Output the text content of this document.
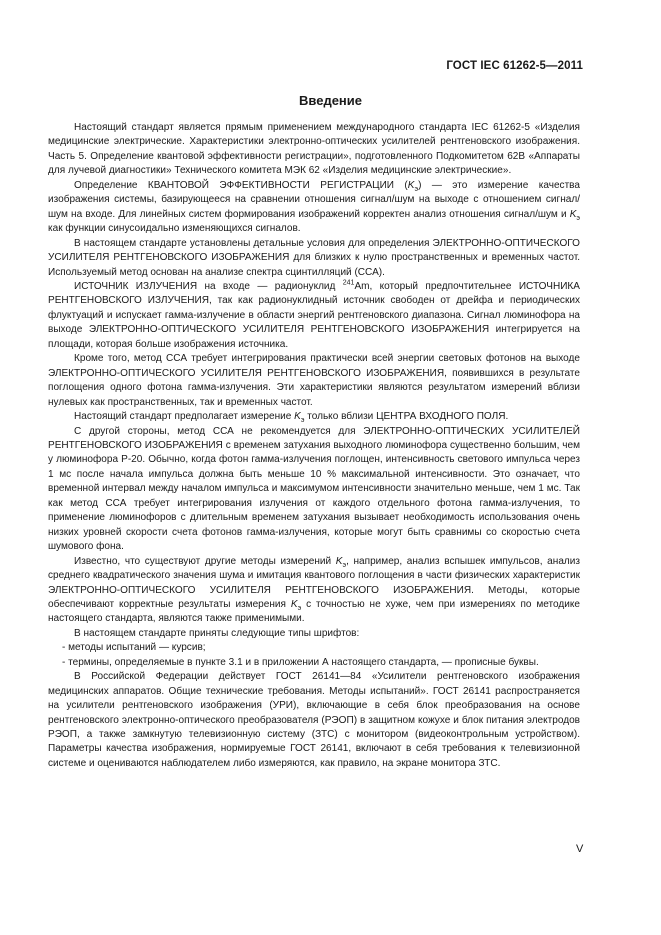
ГОСТ IEC 61262-5—2011
Введение

Настоящий стандарт является прямым применением международного стандарта IEC 61262-5 «Изделия медицинские электрические. Характеристики электронно-оптических усилителей рентгеновского изображения. Часть 5. Определение квантовой эффективности регистрации», подготовленного Подкомитетом 62В «Аппараты для лучевой диагностики» Технического комитета МЭК 62 «Изделия медицинские электрические».

Определение КВАНТОВОЙ ЭФФЕКТИВНОСТИ РЕГИСТРАЦИИ $(K_э)$ — это измерение качества изображения системы, базирующееся на сравнении отношения сигнал/шум на выходе с отношением сигнал/шум на входе. Для линейных систем формирования изображений корректен анализ отношения сигнал/шум и $K_э$ как функции синусоидально изменяющихся сигналов.

В настоящем стандарте установлены детальные условия для определения ЭЛЕКТРОННО-ОПТИЧЕСКОГО УСИЛИТЕЛЯ РЕНТГЕНОВСКОГО ИЗОБРАЖЕНИЯ для близких к нулю пространственных и временных частот. Используемый метод основан на анализе спектра сцинтилляций (ССА).

ИСТОЧНИК ИЗЛУЧЕНИЯ на входе — радионуклид $^{241}$Am, который предпочтительнее ИСТОЧНИКА РЕНТГЕНОВСКОГО ИЗЛУЧЕНИЯ, так как радионуклидный источник свободен от дрейфа и периодических флуктуаций и испускает гамма-излучение в области энергий рентгеновского диапазона. Сигнал люминофора на выходе ЭЛЕКТРОННО-ОПТИЧЕСКОГО УСИЛИТЕЛЯ РЕНТГЕНОВСКОГО ИЗОБРАЖЕНИЯ интегрируется на площади, которая больше изображения источника.

Кроме того, метод ССА требует интегрирования практически всей энергии световых фотонов на выходе ЭЛЕКТРОННО-ОПТИЧЕСКОГО УСИЛИТЕЛЯ РЕНТГЕНОВСКОГО ИЗОБРАЖЕНИЯ, появившихся в результате поглощения одного фотона гамма-излучения. Эти характеристики являются результатом измерений вблизи нулевых как пространственных, так и временных частот.

Настоящий стандарт предполагает измерение $K_э$ только вблизи ЦЕНТРА ВХОДНОГО ПОЛЯ.

С другой стороны, метод ССА не рекомендуется для ЭЛЕКТРОННО-ОПТИЧЕСКИХ УСИЛИТЕЛЕЙ РЕНТГЕНОВСКОГО ИЗОБРАЖЕНИЯ с временем затухания выходного люминофора существенно большим, чем у люминофора Р-20. Обычно, когда фотон гамма-излучения поглощен, интенсивность светового импульса через 1 мс после начала импульса должна быть меньше 10 % максимальной интенсивности. Это означает, что временной интервал между началом импульса и максимумом интенсивности значительно меньше, чем 1 мс. Так как метод ССА требует интегрирования излучения от каждого отдельного фотона гамма-излучения, то применение люминофоров с длительным временем затухания вызывает необходимость использования очень низких уровней скорости счета фотонов гамма-излучения, которые могут быть сравнимы со скоростью счета шумового фона.

Известно, что существуют другие методы измерений $K_э$, например, анализ вспышек импульсов, анализ среднего квадратического значения шума и имитация квантового поглощения в части физических характеристик ЭЛЕКТРОННО-ОПТИЧЕСКОГО УСИЛИТЕЛЯ РЕНТГЕНОВСКОГО ИЗОБРАЖЕНИЯ. Методы, которые обеспечивают корректные результаты измерения $K_э$ с точностью не хуже, чем при измерениях по методике настоящего стандарта, являются также применимыми.

В настоящем стандарте приняты следующие типы шрифтов:

- методы испытаний — курсив;

- термины, определяемые в пункте 3.1 и в приложении А настоящего стандарта, — прописные буквы.

В Российской Федерации действует ГОСТ 26141—84 «Усилители рентгеновского изображения медицинских аппаратов. Общие технические требования. Методы испытаний». ГОСТ 26141 распространяется на усилители рентгеновского изображения (УРИ), включающие в себя блок преобразования на основе рентгеновского электронно-оптического преобразователя (РЭОП) в защитном кожухе и блок питания электродов РЭОП, а также замкнутую телевизионную систему (ЗТС) с монитором (видеоконтрольным устройством). Параметры качества изображения, нормируемые ГОСТ 26141, включают в себя требования к телевизионной системе и оцениваются наблюдателем либо измеряются, как правило, на экране монитора ЗТС.

V
